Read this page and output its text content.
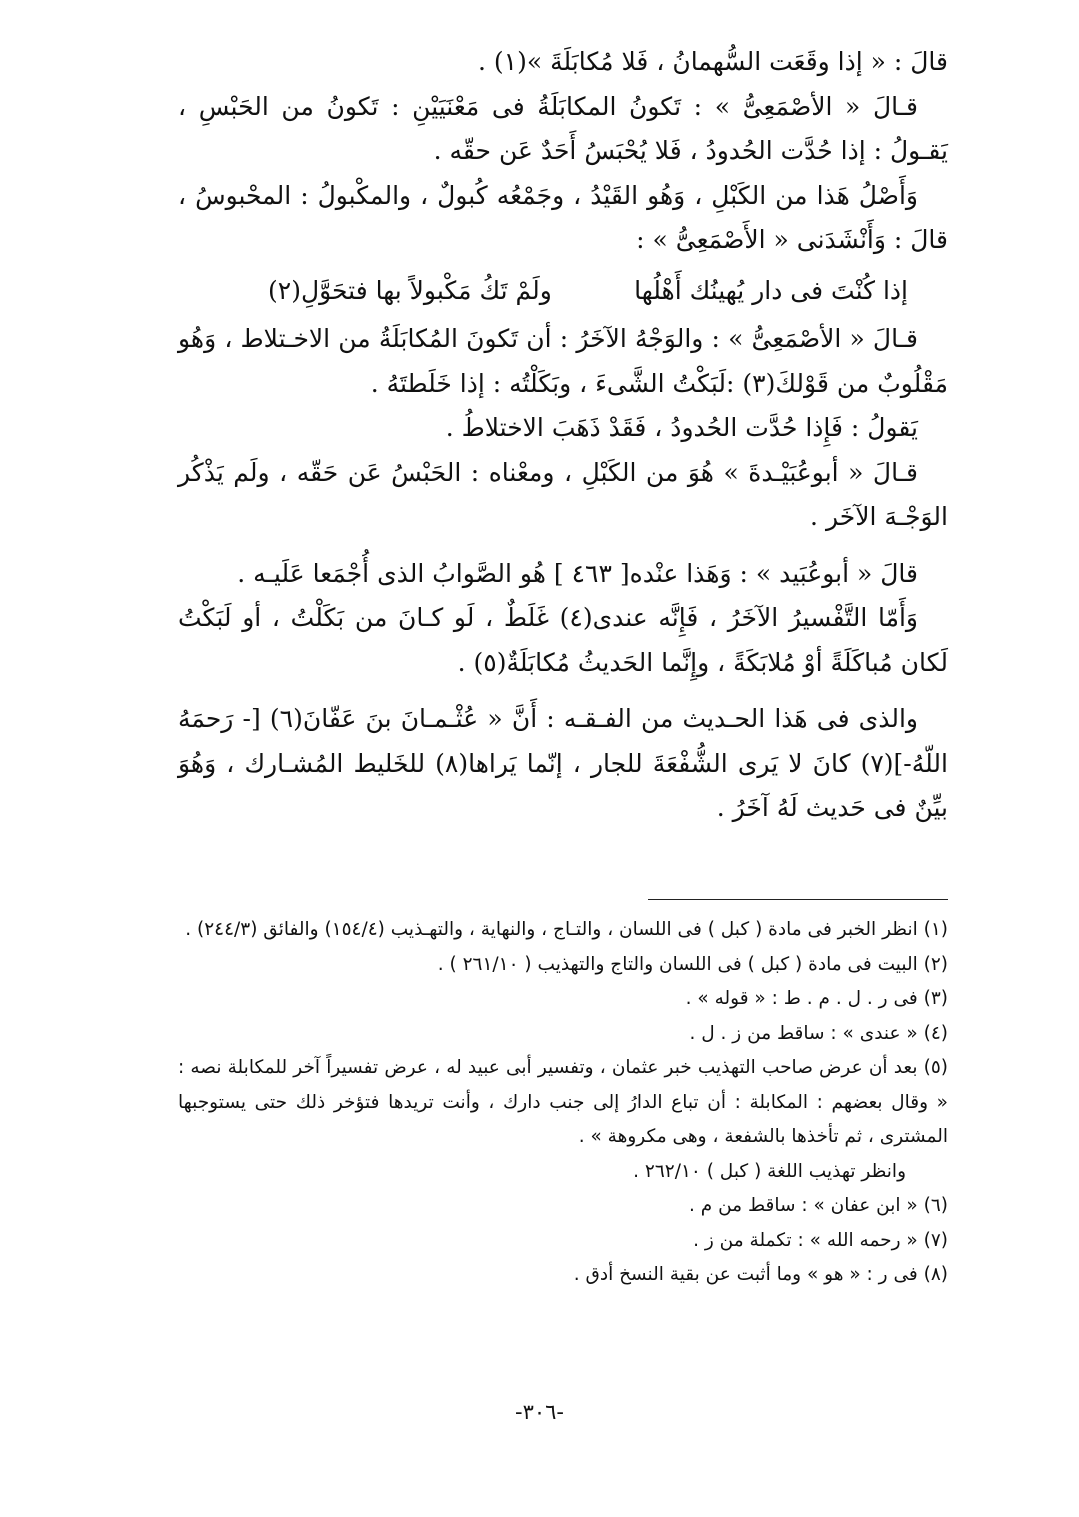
قالَ : « إذا وقَعَت السُّهمانُ ، فَلا مُكابَلَةَ »(١) .

قـالَ « الأصْمَعِىُّ » : تَكونُ المكابَلَةُ فى مَعْنَيَيْنِ : تَكونُ من الحَبْسِ ، يَقـولُ : إذا حُدَّت الحُدودُ ، فَلا يُحْبَسُ أَحَدٌ عَن حقّه .

وَأَصْلُ هَذا من الكَبْلِ ، وَهُو القَيْدُ ، وجَمْعُه كُبولٌ ، والمكْبولُ : المحْبوسُ ، قالَ : وَأَنْشَدَنى « الأَصْمَعِىُّ » :

إذا كُنْتَ فى دار يُهينُك أَهْلُها
ولَمْ تَكُ مَكْبولاً بها فتحَوَّلِ(٢)

قـالَ « الأصْمَعِىُّ » : والوَجْهُ الآخَرُ : أن تَكونَ المُكابَلَةُ من الاخـتلاط ، وَهُو مَقْلُوبٌ من قَوْلكَ(٣) :لَبَكْتُ الشَّىءَ ، وبَكَلْتُه : إذا خَلَطتَهُ .

يَقولُ : فَإِذا حُدَّت الحُدودُ ، فَقَدْ ذَهَبَ الاختلاطُ .

قـالَ « أبوعُبَيْـدةَ » هُوَ من الكَبْلِ ، ومعْناه : الحَبْسُ عَن حَقّه ، ولَم يَذْكُر الوَجْـهَ الآخَر .

قالَ « أبوعُبَيد » : وَهَذا عنْده[ ٤٦٣ ] هُو الصَّوابُ الذى أُجْمَعا عَلَيـه .

وَأَمّا التَّفْسيرُ الآخَرُ ، فَإِنَّه عندى(٤) غَلَطٌ ، لَو كـانَ من بَكَلْتُ ، أو لَبَكْتُ لَكان مُباكَلَةً أوْ مُلابَكَةً ، وإِنَّما الحَديثُ مُكابَلَةٌ(٥) .

والذى فى هَذا الحـديث من الفـقـه : أَنَّ « عُثْـمـانَ بنَ عَفّانَ(٦) [- رَحمَهُ اللّهُ-](٧) كانَ لا يَرى الشُّفْعَةَ للجار ، إنّما يَراها(٨) للخَليط المُشـارك ، وَهُوَ بيِّنٌ فى حَديث لَهُ آخَرُ .

(١) انظر الخبر فى مادة ( كبل ) فى اللسان ، والتـاج ، والنهاية ، والتهـذيب (١٥٤/٤) والفائق (٢٤٤/٣) .

(٢) البيت فى مادة ( كبل ) فى اللسان والتاج والتهذيب ( ٢٦١/١٠ ) .

(٣) فى ر . ل . م . ط : « قوله » .

(٤) « عندى » : ساقط من ز . ل .

(٥) بعد أن عرض صاحب التهذيب خبر عثمان ، وتفسير أبى عبيد له ، عرض تفسيراً آخر للمكابلة نصه : « وقال بعضهم : المكابلة : أن تباع الدارُ إلى جنب دارك ، وأنت تريدها فتؤخر ذلك حتى يستوجبها المشترى ، ثم تأخذها بالشفعة ، وهى مكروهة » .

وانظر تهذيب اللغة ( كبل ) ٢٦٢/١٠ .

(٦) « ابن عفان » : ساقط من م .

(٧) « رحمه الله » : تكملة من ز .

(٨) فى ر : « هو » وما أثبت عن بقية النسخ أدق .

-٣٠٦-
